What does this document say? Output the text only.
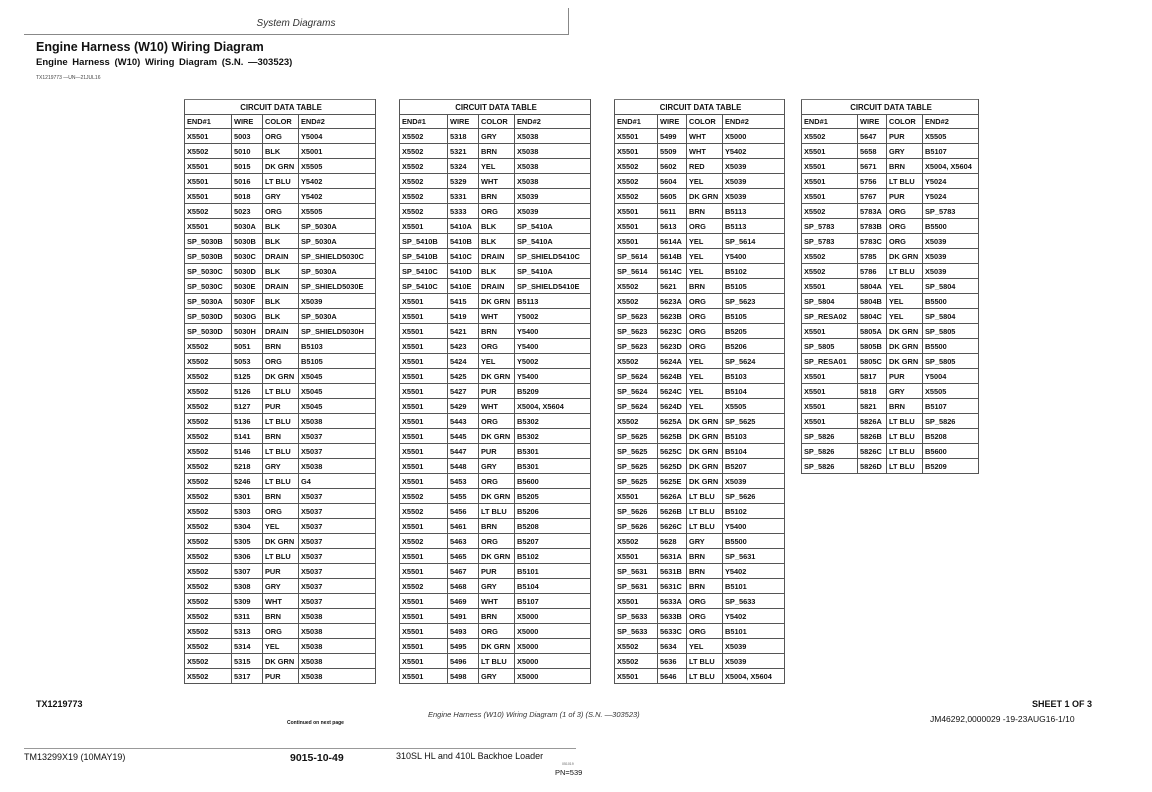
System Diagrams
Engine Harness (W10) Wiring Diagram
Engine Harness (W10) Wiring Diagram (S.N. —303523)
TX1219773 —UN—21JUL16
CIRCUIT DATA TABLE			
END#1	WIRE	COLOR	END#2
X5501	5003	ORG	Y5004
X5502	5010	BLK	X5001
X5501	5015	DK GRN	X5505
X5501	5016	LT BLU	Y5402
X5501	5018	GRY	Y5402
X5502	5023	ORG	X5505
X5501	5030A	BLK	SP_5030A
SP_5030B	5030B	BLK	SP_5030A
SP_5030B	5030C	DRAIN	SP_SHIELD5030C
SP_5030C	5030D	BLK	SP_5030A
SP_5030C	5030E	DRAIN	SP_SHIELD5030E
SP_5030A	5030F	BLK	X5039
SP_5030D	5030G	BLK	SP_5030A
SP_5030D	5030H	DRAIN	SP_SHIELD5030H
X5502	5051	BRN	B5103
X5502	5053	ORG	B5105
X5502	5125	DK GRN	X5045
X5502	5126	LT BLU	X5045
X5502	5127	PUR	X5045
X5502	5136	LT BLU	X5038
X5502	5141	BRN	X5037
X5502	5146	LT BLU	X5037
X5502	5218	GRY	X5038
X5502	5246	LT BLU	G4
X5502	5301	BRN	X5037
X5502	5303	ORG	X5037
X5502	5304	YEL	X5037
X5502	5305	DK GRN	X5037
X5502	5306	LT BLU	X5037
X5502	5307	PUR	X5037
X5502	5308	GRY	X5037
X5502	5309	WHT	X5037
X5502	5311	BRN	X5038
X5502	5313	ORG	X5038
X5502	5314	YEL	X5038
X5502	5315	DK GRN	X5038
X5502	5317	PUR	X5038
CIRCUIT DATA TABLE			
END#1	WIRE	COLOR	END#2
X5502	5318	GRY	X5038
X5502	5321	BRN	X5038
X5502	5324	YEL	X5038
X5502	5329	WHT	X5038
X5502	5331	BRN	X5039
X5502	5333	ORG	X5039
X5501	5410A	BLK	SP_5410A
SP_5410B	5410B	BLK	SP_5410A
SP_5410B	5410C	DRAIN	SP_SHIELD5410C
SP_5410C	5410D	BLK	SP_5410A
SP_5410C	5410E	DRAIN	SP_SHIELD5410E
X5501	5415	DK GRN	B5113
X5501	5419	WHT	Y5002
X5501	5421	BRN	Y5400
X5501	5423	ORG	Y5400
X5501	5424	YEL	Y5002
X5501	5425	DK GRN	Y5400
X5501	5427	PUR	B5209
X5501	5429	WHT	X5004, X5604
X5501	5443	ORG	B5302
X5501	5445	DK GRN	B5302
X5501	5447	PUR	B5301
X5501	5448	GRY	B5301
X5501	5453	ORG	B5600
X5502	5455	DK GRN	B5205
X5502	5456	LT BLU	B5206
X5501	5461	BRN	B5208
X5502	5463	ORG	B5207
X5501	5465	DK GRN	B5102
X5501	5467	PUR	B5101
X5502	5468	GRY	B5104
X5501	5469	WHT	B5107
X5501	5491	BRN	X5000
X5501	5493	ORG	X5000
X5501	5495	DK GRN	X5000
X5501	5496	LT BLU	X5000
X5501	5498	GRY	X5000
CIRCUIT DATA TABLE			
END#1	WIRE	COLOR	END#2
X5501	5499	WHT	X5000
X5501	5509	WHT	Y5402
X5502	5602	RED	X5039
X5502	5604	YEL	X5039
X5502	5605	DK GRN	X5039
X5501	5611	BRN	B5113
X5501	5613	ORG	B5113
X5501	5614A	YEL	SP_5614
SP_5614	5614B	YEL	Y5400
SP_5614	5614C	YEL	B5102
X5502	5621	BRN	B5105
X5502	5623A	ORG	SP_5623
SP_5623	5623B	ORG	B5105
SP_5623	5623C	ORG	B5205
SP_5623	5623D	ORG	B5206
X5502	5624A	YEL	SP_5624
SP_5624	5624B	YEL	B5103
SP_5624	5624C	YEL	B5104
SP_5624	5624D	YEL	X5505
X5502	5625A	DK GRN	SP_5625
SP_5625	5625B	DK GRN	B5103
SP_5625	5625C	DK GRN	B5104
SP_5625	5625D	DK GRN	B5207
SP_5625	5625E	DK GRN	X5039
X5501	5626A	LT BLU	SP_5626
SP_5626	5626B	LT BLU	B5102
SP_5626	5626C	LT BLU	Y5400
X5502	5628	GRY	B5500
X5501	5631A	BRN	SP_5631
SP_5631	5631B	BRN	Y5402
SP_5631	5631C	BRN	B5101
X5501	5633A	ORG	SP_5633
SP_5633	5633B	ORG	Y5402
SP_5633	5633C	ORG	B5101
X5502	5634	YEL	X5039
X5502	5636	LT BLU	X5039
X5501	5646	LT BLU	X5004, X5604
CIRCUIT DATA TABLE			
END#1	WIRE	COLOR	END#2
X5502	5647	PUR	X5505
X5501	5658	GRY	B5107
X5501	5671	BRN	X5004, X5604
X5501	5756	LT BLU	Y5024
X5501	5767	PUR	Y5024
X5502	5783A	ORG	SP_5783
SP_5783	5783B	ORG	B5500
SP_5783	5783C	ORG	X5039
X5502	5785	DK GRN	X5039
X5502	5786	LT BLU	X5039
X5501	5804A	YEL	SP_5804
SP_5804	5804B	YEL	B5500
SP_RESA02	5804C	YEL	SP_5804
X5501	5805A	DK GRN	SP_5805
SP_5805	5805B	DK GRN	B5500
SP_RESA01	5805C	DK GRN	SP_5805
X5501	5817	PUR	Y5004
X5501	5818	GRY	X5505
X5501	5821	BRN	B5107
X5501	5826A	LT BLU	SP_5826
SP_5826	5826B	LT BLU	B5208
SP_5826	5826C	LT BLU	B5600
SP_5826	5826D	LT BLU	B5209
TX1219773	SHEET 1 OF 3
Engine Harness (W10) Wiring Diagram (1 of 3) (S.N. —303523)
Continued on next page	JM46292,0000029 -19-23AUG16-1/10
TM13299X19 (10MAY19)	9015-10-49	310SL HL and 410L Backhoe Loader
051019
PN=539
